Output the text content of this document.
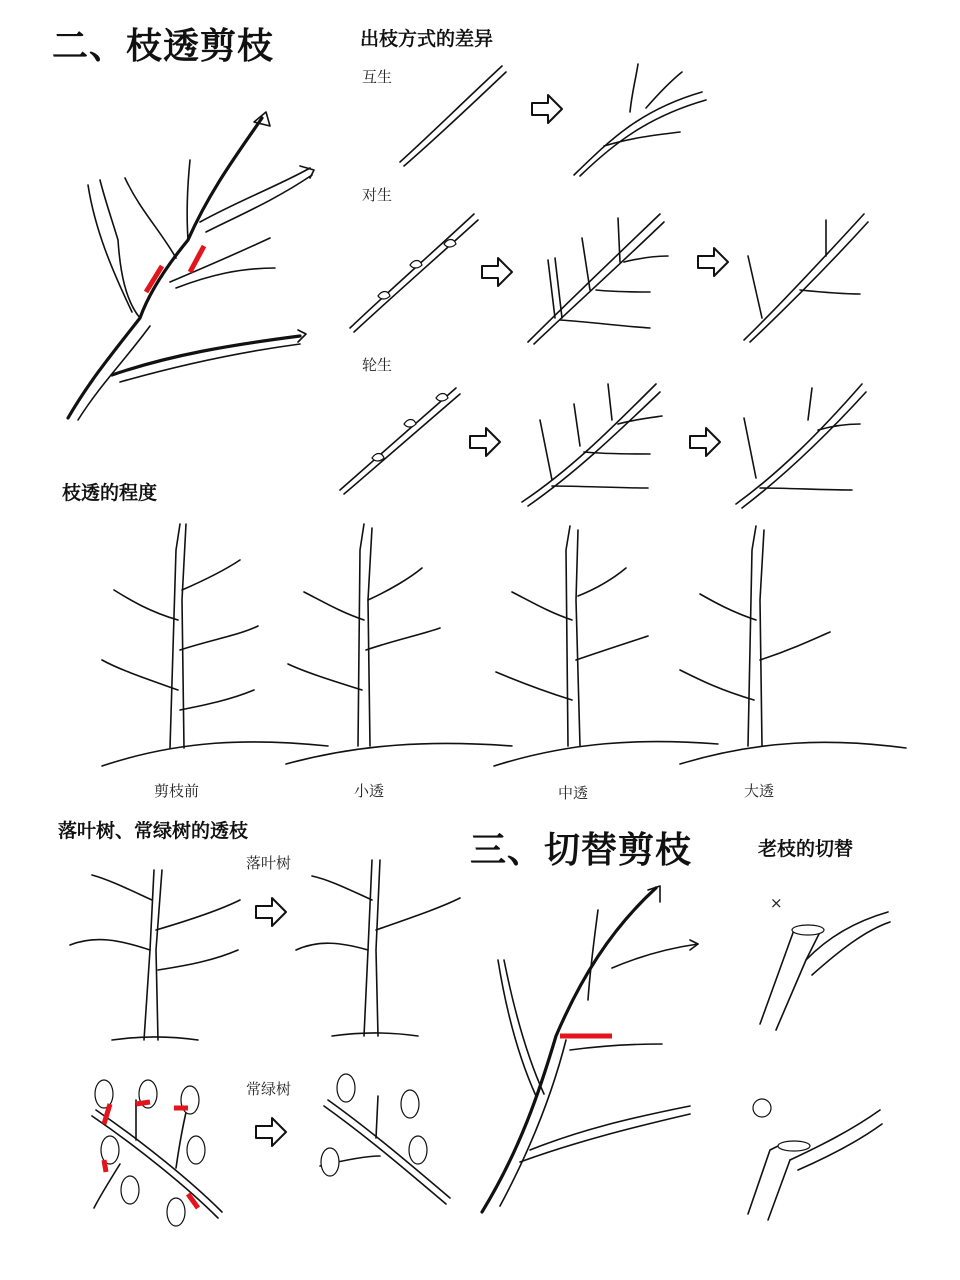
二、枝透剪枝	出枝方式的差异
互生
对生
轮生
枝透的程度
剪枝前	小透	中透	大透
落叶树、常绿树的透枝
落叶树
常绿树
三、切替剪枝	老枝的切替
×
